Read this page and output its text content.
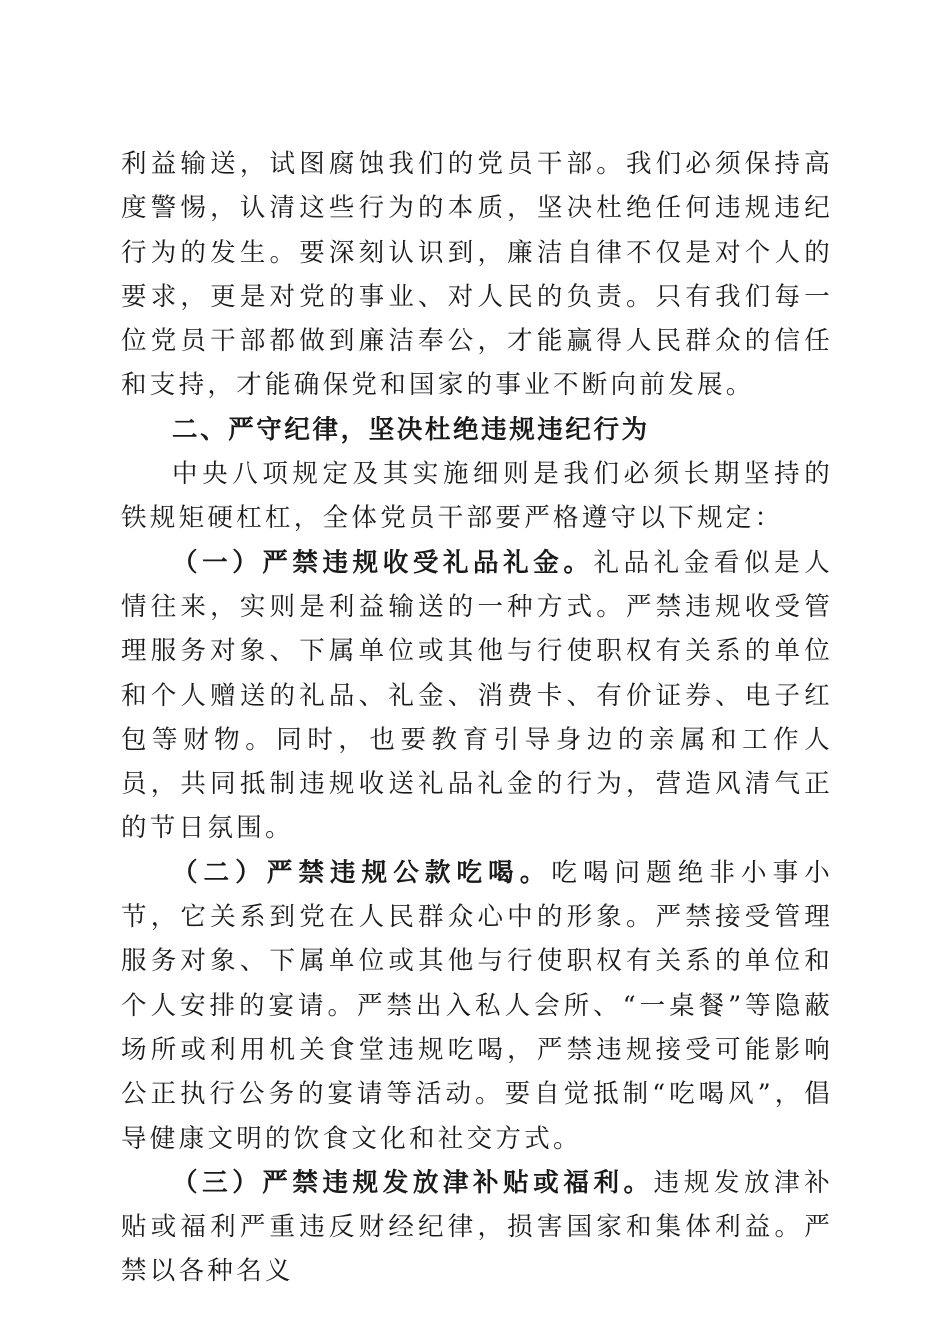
利益输送，试图腐蚀我们的党员干部。我们必须保持高度警惕，认清这些行为的本质，坚决杜绝任何违规违纪行为的发生。要深刻认识到，廉洁自律不仅是对个人的要求，更是对党的事业、对人民的负责。只有我们每一位党员干部都做到廉洁奉公，才能赢得人民群众的信任和支持，才能确保党和国家的事业不断向前发展。

二、严守纪律，坚决杜绝违规违纪行为

中央八项规定及其实施细则是我们必须长期坚持的铁规矩硬杠杠，全体党员干部要严格遵守以下规定：

（一）严禁违规收受礼品礼金。礼品礼金看似是人情往来，实则是利益输送的一种方式。严禁违规收受管理服务对象、下属单位或其他与行使职权有关系的单位和个人赠送的礼品、礼金、消费卡、有价证券、电子红包等财物。同时，也要教育引导身边的亲属和工作人员，共同抵制违规收送礼品礼金的行为，营造风清气正的节日氛围。

（二）严禁违规公款吃喝。吃喝问题绝非小事小节，它关系到党在人民群众心中的形象。严禁接受管理服务对象、下属单位或其他与行使职权有关系的单位和个人安排的宴请。严禁出入私人会所、“一桌餐”等隐蔽场所或利用机关食堂违规吃喝，严禁违规接受可能影响公正执行公务的宴请等活动。要自觉抵制“吃喝风”，倡导健康文明的饮食文化和社交方式。

（三）严禁违规发放津补贴或福利。违规发放津补贴或福利严重违反财经纪律，损害国家和集体利益。严禁以各种名义
